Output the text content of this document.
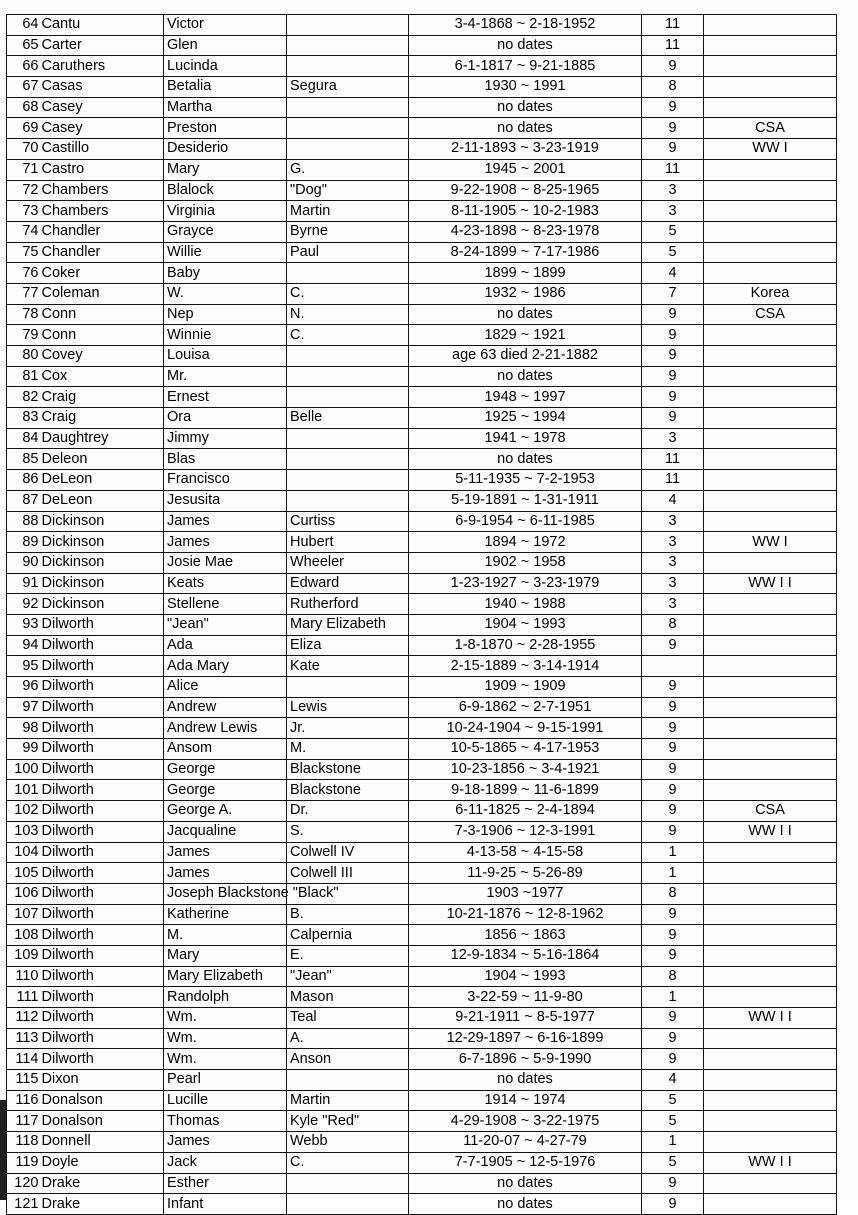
64	Cantu	Victor		3-4-1868 ~ 2-18-1952	11	
65	Carter	Glen		no dates	11	
66	Caruthers	Lucinda		6-1-1817 ~ 9-21-1885	9	
67	Casas	Betalia	Segura	1930 ~ 1991	8	
68	Casey	Martha		no dates	9	
69	Casey	Preston		no dates	9	CSA
70	Castillo	Desiderio		2-11-1893 ~ 3-23-1919	9	WW I
71	Castro	Mary	G.	1945 ~ 2001	11	
72	Chambers	Blalock	"Dog"	9-22-1908 ~ 8-25-1965	3	
73	Chambers	Virginia	Martin	8-11-1905 ~ 10-2-1983	3	
74	Chandler	Grayce	Byrne	4-23-1898 ~ 8-23-1978	5	
75	Chandler	Willie	Paul	8-24-1899 ~ 7-17-1986	5	
76	Coker	Baby		1899 ~ 1899	4	
77	Coleman	W.	C.	1932 ~ 1986	7	Korea
78	Conn	Nep	N.	no dates	9	CSA
79	Conn	Winnie	C.	1829 ~ 1921	9	
80	Covey	Louisa		age 63 died 2-21-1882	9	
81	Cox	Mr.		no dates	9	
82	Craig	Ernest		1948 ~ 1997	9	
83	Craig	Ora	Belle	1925 ~ 1994	9	
84	Daughtrey	Jimmy		1941 ~ 1978	3	
85	Deleon	Blas		no dates	11	
86	DeLeon	Francisco		5-11-1935 ~ 7-2-1953	11	
87	DeLeon	Jesusita		5-19-1891 ~ 1-31-1911	4	
88	Dickinson	James	Curtiss	6-9-1954 ~ 6-11-1985	3	
89	Dickinson	James	Hubert	1894 ~ 1972	3	WW I
90	Dickinson	Josie Mae	Wheeler	1902 ~ 1958	3	
91	Dickinson	Keats	Edward	1-23-1927 ~ 3-23-1979	3	WW I I
92	Dickinson	Stellene	Rutherford	1940 ~ 1988	3	
93	Dilworth	"Jean"	Mary Elizabeth	1904 ~ 1993	8	
94	Dilworth	Ada	Eliza	1-8-1870 ~ 2-28-1955	9	
95	Dilworth	Ada Mary	Kate	2-15-1889 ~ 3-14-1914		
96	Dilworth	Alice		1909 ~ 1909	9	
97	Dilworth	Andrew	Lewis	6-9-1862 ~ 2-7-1951	9	
98	Dilworth	Andrew Lewis	Jr.	10-24-1904 ~ 9-15-1991	9	
99	Dilworth	Ansom	M.	10-5-1865 ~ 4-17-1953	9	
100	Dilworth	George	Blackstone	10-23-1856 ~ 3-4-1921	9	
101	Dilworth	George	Blackstone	9-18-1899 ~ 11-6-1899	9	
102	Dilworth	George A.	Dr.	6-11-1825 ~ 2-4-1894	9	CSA
103	Dilworth	Jacqualine	S.	7-3-1906 ~ 12-3-1991	9	WW I I
104	Dilworth	James	Colwell IV	4-13-58 ~ 4-15-58	1	
105	Dilworth	James	Colwell III	11-9-25 ~ 5-26-89	1	
106	Dilworth	Joseph Blackstone "Black"		1903 ~1977	8	
107	Dilworth	Katherine	B.	10-21-1876 ~ 12-8-1962	9	
108	Dilworth	M.	Calpernia	1856 ~ 1863	9	
109	Dilworth	Mary	E.	12-9-1834 ~ 5-16-1864	9	
110	Dilworth	Mary Elizabeth	"Jean"	1904 ~ 1993	8	
111	Dilworth	Randolph	Mason	3-22-59 ~ 11-9-80	1	
112	Dilworth	Wm.	Teal	9-21-1911 ~ 8-5-1977	9	WW I I
113	Dilworth	Wm.	A.	12-29-1897 ~ 6-16-1899	9	
114	Dilworth	Wm.	Anson	6-7-1896 ~ 5-9-1990	9	
115	Dixon	Pearl		no dates	4	
116	Donalson	Lucille	Martin	1914 ~ 1974	5	
117	Donalson	Thomas	Kyle "Red"	4-29-1908 ~ 3-22-1975	5	
118	Donnell	James	Webb	11-20-07 ~ 4-27-79	1	
119	Doyle	Jack	C.	7-7-1905 ~ 12-5-1976	5	WW I I
120	Drake	Esther		no dates	9	
121	Drake	Infant		no dates	9	
